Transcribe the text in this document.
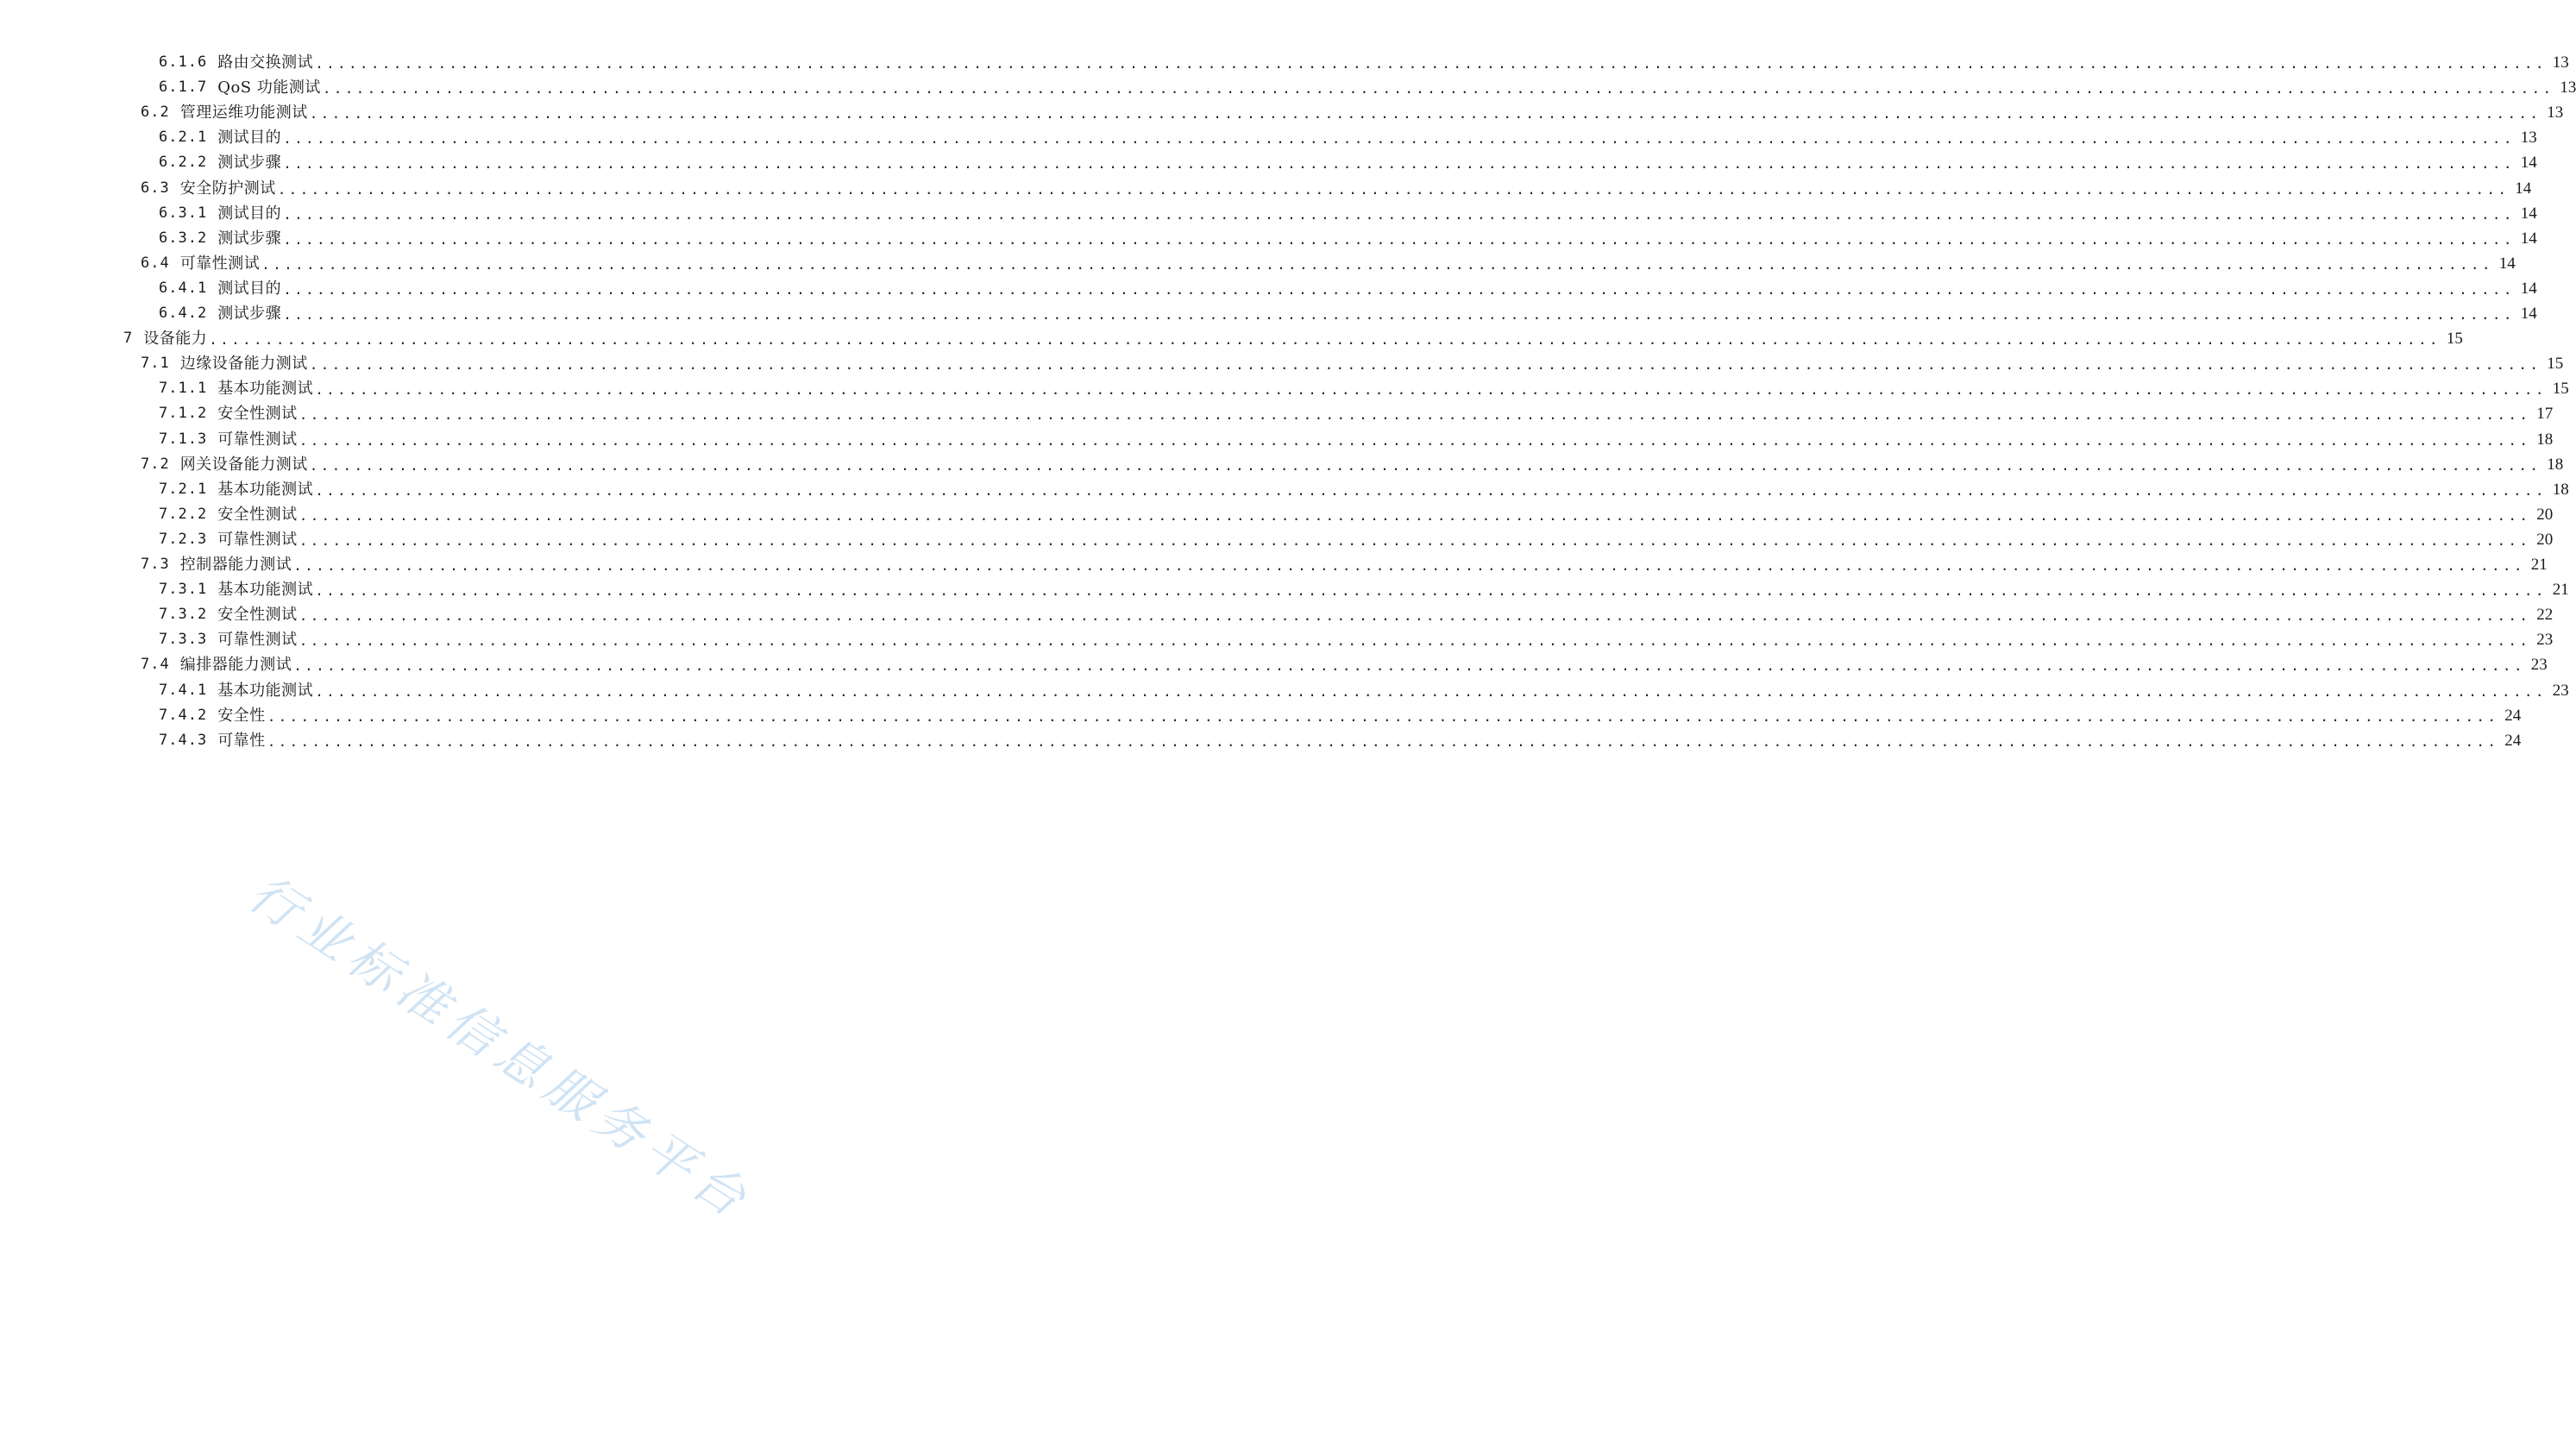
6.1.6 路由交换测试 ........................................................................................................................................................................................................ 13
6.1.7 QoS 功能测试 ........................................................................................................................................................................................................ 13
6.2 管理运维功能测试 ........................................................................................................................................................................................................ 13
6.2.1 测试目的 ........................................................................................................................................................................................................ 13
6.2.2 测试步骤 ........................................................................................................................................................................................................ 14
6.3 安全防护测试 ........................................................................................................................................................................................................ 14
6.3.1 测试目的 ........................................................................................................................................................................................................ 14
6.3.2 测试步骤 ........................................................................................................................................................................................................ 14
6.4 可靠性测试 ........................................................................................................................................................................................................ 14
6.4.1 测试目的 ........................................................................................................................................................................................................ 14
6.4.2 测试步骤 ........................................................................................................................................................................................................ 14
7 设备能力 ........................................................................................................................................................................................................ 15
7.1 边缘设备能力测试 ........................................................................................................................................................................................................ 15
7.1.1 基本功能测试 ........................................................................................................................................................................................................ 15
7.1.2 安全性测试 ........................................................................................................................................................................................................ 17
7.1.3 可靠性测试 ........................................................................................................................................................................................................ 18
7.2 网关设备能力测试 ........................................................................................................................................................................................................ 18
7.2.1 基本功能测试 ........................................................................................................................................................................................................ 18
7.2.2 安全性测试 ........................................................................................................................................................................................................ 20
7.2.3 可靠性测试 ........................................................................................................................................................................................................ 20
7.3 控制器能力测试 ........................................................................................................................................................................................................ 21
7.3.1 基本功能测试 ........................................................................................................................................................................................................ 21
7.3.2 安全性测试 ........................................................................................................................................................................................................ 22
7.3.3 可靠性测试 ........................................................................................................................................................................................................ 23
7.4 编排器能力测试 ........................................................................................................................................................................................................ 23
7.4.1 基本功能测试 ........................................................................................................................................................................................................ 23
7.4.2 安全性 ........................................................................................................................................................................................................ 24
7.4.3 可靠性 ........................................................................................................................................................................................................ 24
行业标准信息服务平台
